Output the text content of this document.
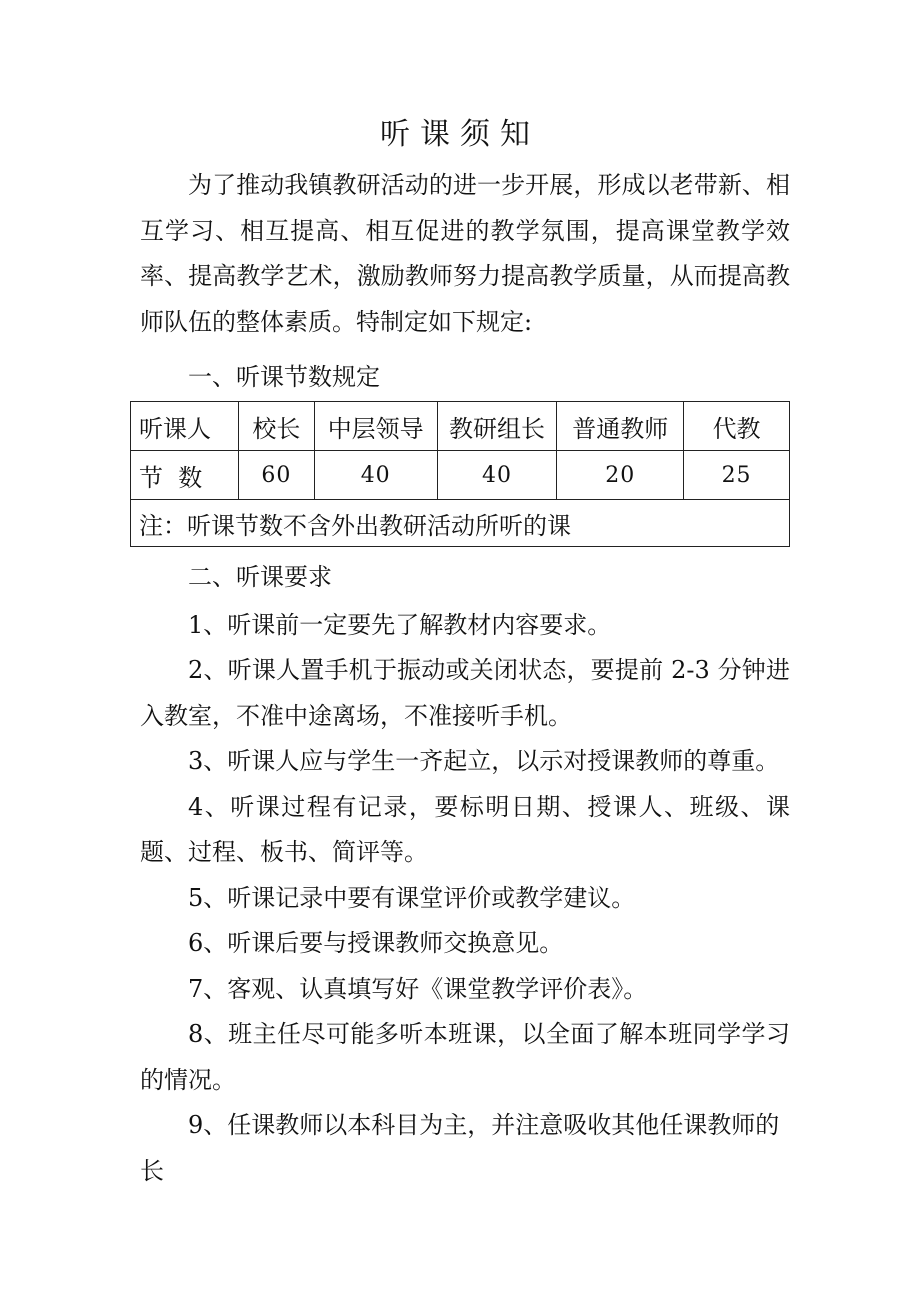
听课须知
为了推动我镇教研活动的进一步开展，形成以老带新、相互学习、相互提高、相互促进的教学氛围，提高课堂教学效率、提高教学艺术，激励教师努力提高教学质量，从而提高教师队伍的整体素质。特制定如下规定:
一、听课节数规定
听课人	校长	中层领导	教研组长	普通教师	代教
节  数	60	40	40	20	25
注：听课节数不含外出教研活动所听的课					

二、听课要求

1、听课前一定要先了解教材内容要求。

2、听课人置手机于振动或关闭状态，要提前 2-3 分钟进入教室，不准中途离场，不准接听手机。

3、听课人应与学生一齐起立，以示对授课教师的尊重。

4、听课过程有记录，要标明日期、授课人、班级、课题、过程、板书、简评等。

5、听课记录中要有课堂评价或教学建议。

6、听课后要与授课教师交换意见。

7、客观、认真填写好《课堂教学评价表》。

8、班主任尽可能多听本班课，以全面了解本班同学学习的情况。

9、任课教师以本科目为主，并注意吸收其他任课教师的长
